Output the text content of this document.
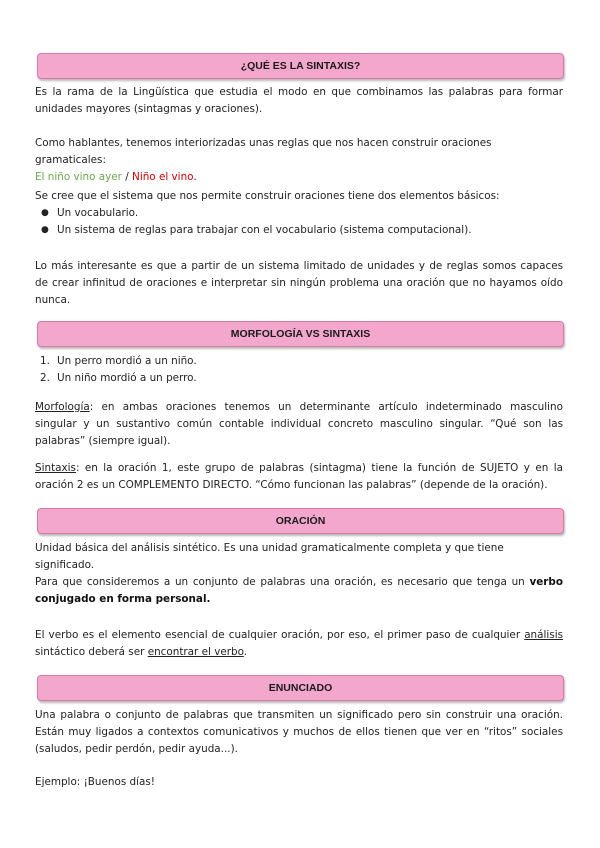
¿QUÉ ES LA SINTAXIS?

Es la rama de la Lingüística que estudia el modo en que combinamos las palabras para formar unidades mayores (sintagmas y oraciones).

Como hablantes, tenemos interiorizadas unas reglas que nos hacen construir oraciones gramaticales:
El niño vino ayer / Niño el vino.

Se cree que el sistema que nos permite construir oraciones tiene dos elementos básicos:

● Un vocabulario.
● Un sistema de reglas para trabajar con el vocabulario (sistema computacional).

Lo más interesante es que a partir de un sistema limitado de unidades y de reglas somos capaces de crear infinitud de oraciones e interpretar sin ningún problema una oración que no hayamos oído nunca.

MORFOLOGÍA VS SINTAXIS
1. Un perro mordió a un niño.
2. Un niño mordió a un perro.

Morfología: en ambas oraciones tenemos un determinante artículo indeterminado masculino singular y un sustantivo común contable individual concreto masculino singular. “Qué son las palabras” (siempre igual).

Sintaxis: en la oración 1, este grupo de palabras (sintagma) tiene la función de SUJETO y en la oración 2 es un COMPLEMENTO DIRECTO. “Cómo funcionan las palabras” (depende de la oración).

ORACIÓN

Unidad básica del análisis sintético. Es una unidad gramaticalmente completa y que tiene significado.

Para que consideremos a un conjunto de palabras una oración, es necesario que tenga un verbo conjugado en forma personal.

El verbo es el elemento esencial de cualquier oración, por eso, el primer paso de cualquier análisis sintáctico deberá ser encontrar el verbo.

ENUNCIADO

Una palabra o conjunto de palabras que transmiten un significado pero sin construir una oración. Están muy ligados a contextos comunicativos y muchos de ellos tienen que ver en “ritos” sociales (saludos, pedir perdón, pedir ayuda...).

Ejemplo: ¡Buenos días!
